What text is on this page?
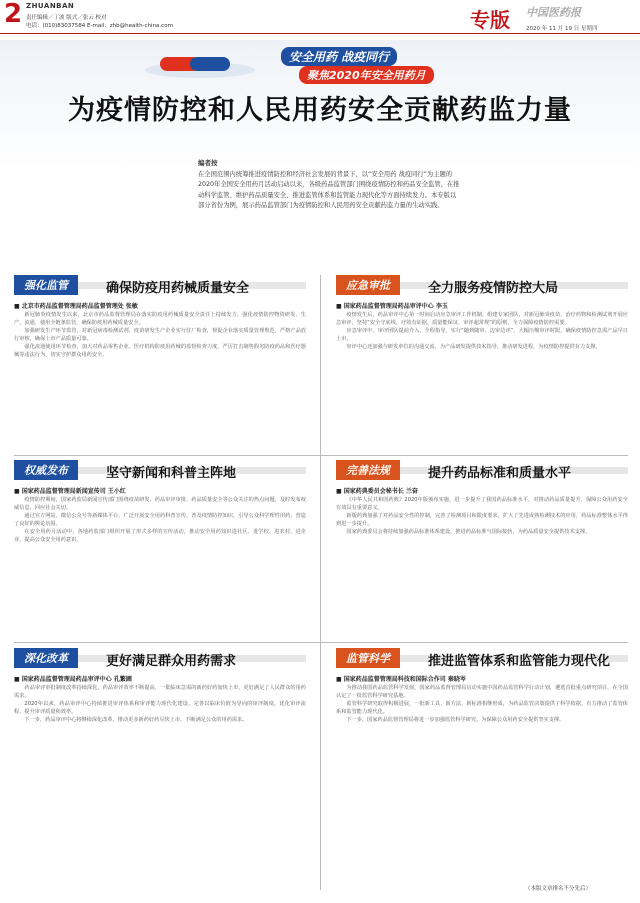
2 ZHUANBAN
责任编辑／丁波 版式／张云 校对
电话：(010)83037584 E-mail：zhb@health-china.com	专版 中国医药报
2020 年 11 月 19 日 星期四
安全用药 战疫同行
聚焦2020年安全用药月
为疫情防控和人民用药安全贡献药监力量
编者按
在全国范围内统筹推进疫情防控和经济社会发展的背景下，以“安全用药 战疫同行”为主题的2020年全国安全用药月活动启动以来，各级药品监管部门围绕疫情防控和药品安全监管，在推动科学监管、维护药品质量安全、推进监管体系和监管能力现代化等方面持续发力。本专版以部分省份为例，展示药品监管部门为疫情防控和人民用药安全贡献药监力量的生动实践。
强化监管	确保防疫用药械质量安全
■ 北京市药品监督管理局药品监督管理处 张敏

新冠肺炎疫情发生以来，北京市药品监督管理局在落实防疫用药械质量安全责任上持续发力，强化疫情防控物资研发、生产、流通、使用全链条监管，确保防疫用药械质量安全。

加强研发生产环节监管，对新冠病毒检测试剂、疫苗研发生产企业实行驻厂检查，督促企业落实质量管理规范，严格产品放行审核，确保上市产品质量可靠。

强化流通使用环节检查，加大对药品零售企业、医疗机构防疫用药械的监督检查力度，严厉打击制售假劣防疫药品和医疗器械等违法行为，切实守护群众用药安全。

应急审批	全力服务疫情防控大局
■ 国家药品监督管理局药品审评中心 李玉

疫情发生后，药品审评中心第一时间启动应急审评工作机制，组建专家团队，对新冠肺炎疫苗、治疗药物和检测试剂开展应急审评，坚持“安全守底线、疗效有证据、质量能保证、审评超常规”的原则，全力保障疫情防控需要。

应急审评中，审评团队提前介入、全程指导，实行“随到随审、边审边评”，大幅压缩审评时限，确保疫情防控急需产品早日上市。

审评中心还加强与研发单位的沟通交流，为产品研发提供技术指导，推动研发进程，为疫情防控提供有力支撑。

权威发布	坚守新闻和科普主阵地
■ 国家药品监督管理局新闻宣传司 王小红

疫情防控期间，国家药监局新闻宣传部门围绕疫苗研发、药品审评审批、药品质量安全等公众关注的热点问题，及时发布权威信息，回应社会关切。

通过官方网站、微信公众号等新媒体平台，广泛开展安全用药科普宣传，普及疫情防控知识，引导公众科学理性用药，营造了良好的舆论氛围。

在安全用药月活动中，各地药监部门组织开展了形式多样的宣传活动，推动安全用药知识进社区、进学校、进农村、进企业，提高公众安全用药意识。

完善法规	提升药品标准和质量水平
■ 国家药典委员会秘书长 兰奋

《中华人民共和国药典》2020年版颁布实施，进一步提升了我国药品标准水平，对推动药品质量提升、保障公众用药安全有效具有重要意义。

新版药典加强了对药品安全性的控制，完善了检测项目和限度要求，扩大了先进成熟检测技术的应用，药品标准整体水平得到进一步提升。

国家药典委员会将持续加强药品标准体系建设，推进药品标准与国际接轨，为药品质量安全提供技术支撑。

深化改革	更好满足群众用药需求
■ 国家药品监督管理局药品审评中心 孔繁圃

药品审评审批制度改革持续深化，药品审评效率不断提高，一批临床急需的新药好药加快上市，更好满足了人民群众的用药需求。

2020年以来，药品审评中心持续推进审评体系和审评能力现代化建设，完善以临床价值为导向的审评制度，优化审评流程，提升审评质量和效率。

下一步，药品审评中心将继续深化改革，推动更多新药好药尽快上市，不断满足公众的用药需求。

监管科学	推进监管体系和监管能力现代化
■ 国家药品监督管理局科技和国际合作司 秦晓岑

为推动我国药品监管科学发展，国家药品监督管理局启动实施中国药品监管科学行动计划，遴选首批重点研究项目，在全国认定了一批监管科学研究基地。

监管科学研究取得积极进展，一批新工具、新方法、新标准相继形成，为药品监管决策提供了科学依据，有力推动了监管体系和监管能力现代化。

下一步，国家药品监督管理局将进一步加强监管科学研究，为保障公众用药安全提供坚实支撑。

（本版文章排名不分先后）
